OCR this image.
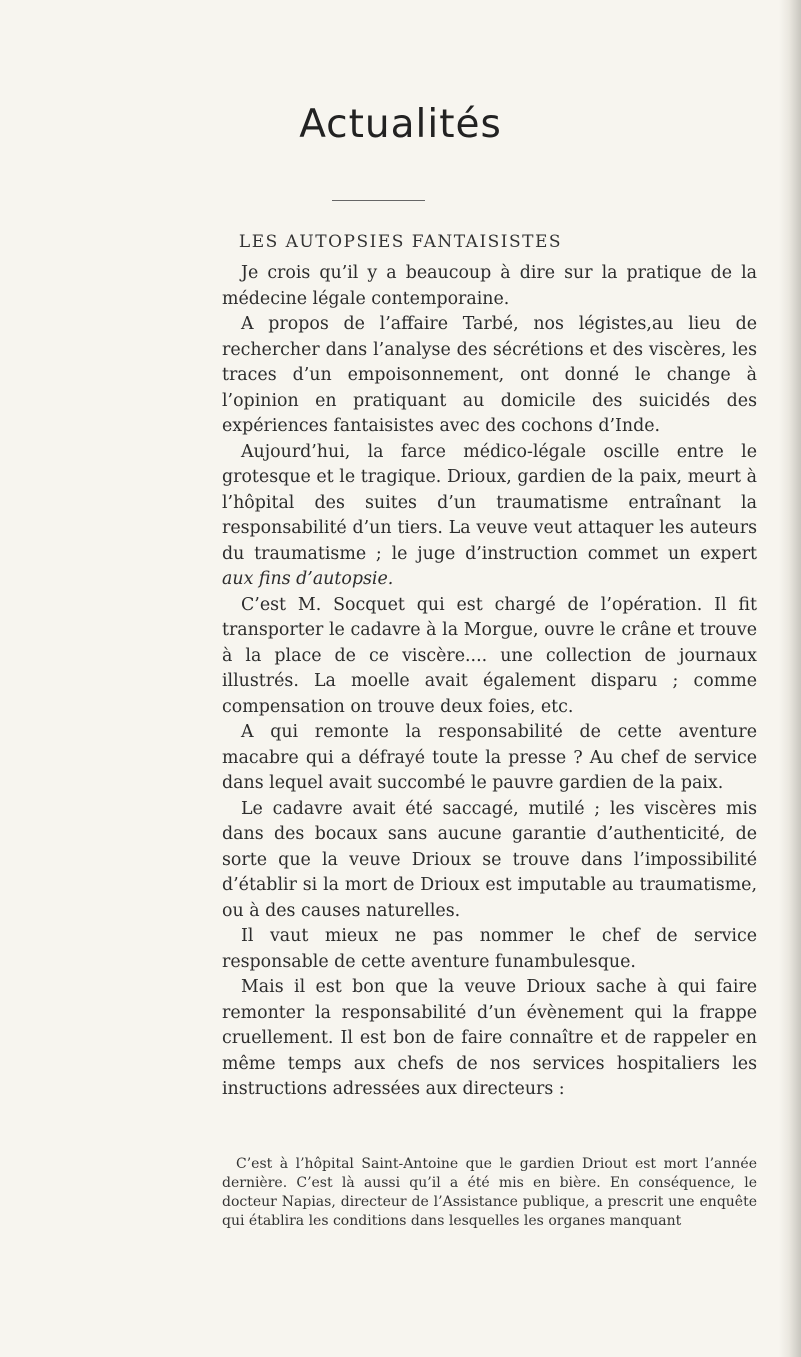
Actualités
LES AUTOPSIES FANTAISISTES

Je crois qu’il y a beaucoup à dire sur la pratique de la médecine légale contemporaine.

A propos de l’affaire Tarbé, nos légistes,au lieu de rechercher dans l’analyse des sécrétions et des viscères, les traces d’un empoisonnement, ont donné le change à l’opinion en pratiquant au domicile des suicidés des expériences fantaisistes avec des cochons d’Inde.

Aujourd’hui, la farce médico-légale oscille entre le grotesque et le tragique. Drioux, gardien de la paix, meurt à l’hôpital des suites d’un traumatisme entraînant la responsabilité d’un tiers. La veuve veut attaquer les auteurs du traumatisme ; le juge d’instruction commet un expert aux fins d’autopsie.

C’est M. Socquet qui est chargé de l’opération. Il fit transporter le cadavre à la Morgue, ouvre le crâne et trouve à la place de ce viscère.... une collection de journaux illustrés. La moelle avait également disparu ; comme compensation on trouve deux foies, etc.

A qui remonte la responsabilité de cette aventure macabre qui a défrayé toute la presse ? Au chef de service dans lequel avait succombé le pauvre gardien de la paix.

Le cadavre avait été saccagé, mutilé ; les viscères mis dans des bocaux sans aucune garantie d’authenticité, de sorte que la veuve Drioux se trouve dans l’impossibilité d’établir si la mort de Drioux est imputable au traumatisme, ou à des causes naturelles.

Il vaut mieux ne pas nommer le chef de service responsable de cette aventure funambulesque.

Mais il est bon que la veuve Drioux sache à qui faire remonter la responsabilité d’un évènement qui la frappe cruellement. Il est bon de faire connaître et de rappeler en même temps aux chefs de nos services hospitaliers les instructions adressées aux directeurs :

C’est à l’hôpital Saint-Antoine que le gardien Driout est mort l’année dernière. C’est là aussi qu’il a été mis en bière. En conséquence, le docteur Napias, directeur de l’Assistance publique, a prescrit une enquête qui établira les conditions dans lesquelles les organes manquant
